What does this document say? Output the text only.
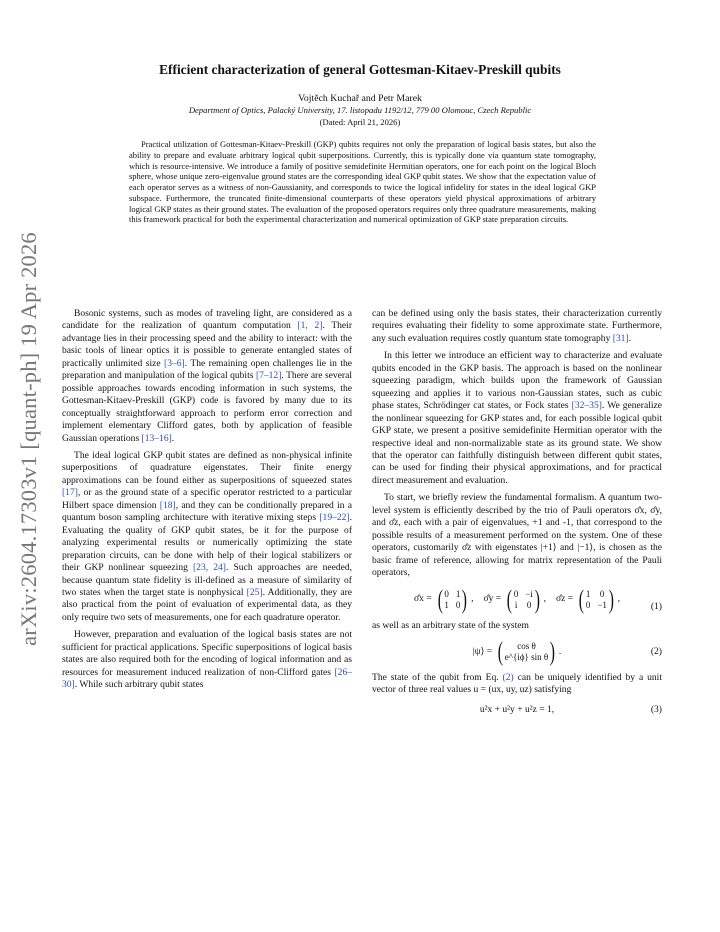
arXiv:2604.17303v1 [quant-ph] 19 Apr 2026
Efficient characterization of general Gottesman-Kitaev-Preskill qubits
Vojtěch Kuchař and Petr Marek
Department of Optics, Palacký University, 17. listopadu 1192/12, 779 00 Olomouc, Czech Republic
(Dated: April 21, 2026)
Practical utilization of Gottesman-Kitaev-Preskill (GKP) qubits requires not only the preparation of logical basis states, but also the ability to prepare and evaluate arbitrary logical qubit superpositions. Currently, this is typically done via quantum state tomography, which is resource-intensive. We introduce a family of positive semidefinite Hermitian operators, one for each point on the logical Bloch sphere, whose unique zero-eigenvalue ground states are the corresponding ideal GKP qubit states. We show that the expectation value of each operator serves as a witness of non-Gaussianity, and corresponds to twice the logical infidelity for states in the ideal logical GKP subspace. Furthermore, the truncated finite-dimensional counterparts of these operators yield physical approximations of arbitrary logical GKP states as their ground states. The evaluation of the proposed operators requires only three quadrature measurements, making this framework practical for both the experimental characterization and numerical optimization of GKP state preparation circuits.

Bosonic systems, such as modes of traveling light, are considered as a candidate for the realization of quantum computation [1, 2]. Their advantage lies in their processing speed and the ability to interact: with the basic tools of linear optics it is possible to generate entangled states of practically unlimited size [3–6]. The remaining open challenges lie in the preparation and manipulation of the logical qubits [7–12]. There are several possible approaches towards encoding information in such systems, the Gottesman-Kitaev-Preskill (GKP) code is favored by many due to its conceptually straightforward approach to perform error correction and implement elementary Clifford gates, both by application of feasible Gaussian operations [13–16].

The ideal logical GKP qubit states are defined as non-physical infinite superpositions of quadrature eigenstates. Their finite energy approximations can be found either as superpositions of squeezed states [17], or as the ground state of a specific operator restricted to a particular Hilbert space dimension [18], and they can be conditionally prepared in a quantum boson sampling architecture with iterative mixing steps [19–22]. Evaluating the quality of GKP qubit states, be it for the purpose of analyzing experimental results or numerically optimizing the state preparation circuits, can be done with help of their logical stabilizers or their GKP nonlinear squeezing [23, 24]. Such approaches are needed, because quantum state fidelity is ill-defined as a measure of similarity of two states when the target state is nonphysical [25]. Additionally, they are also practical from the point of evaluation of experimental data, as they only require two sets of measurements, one for each quadrature operator.

However, preparation and evaluation of the logical basis states are not sufficient for practical applications. Specific superpositions of logical basis states are also required both for the encoding of logical information and as resources for measurement induced realization of non-Clifford gates [26–30]. While such arbitrary qubit states

can be defined using only the basis states, their characterization currently requires evaluating their fidelity to some approximate state. Furthermore, any such evaluation requires costly quantum state tomography [31].

In this letter we introduce an efficient way to characterize and evaluate qubits encoded in the GKP basis. The approach is based on the nonlinear squeezing paradigm, which builds upon the framework of Gaussian squeezing and applies it to various non-Gaussian states, such as cubic phase states, Schrödinger cat states, or Fock states [32–35]. We generalize the nonlinear squeezing for GKP states and, for each possible logical qubit GKP state, we present a positive semidefinite Hermitian operator with the respective ideal and non-normalizable state as its ground state. We show that the operator can faithfully distinguish between different qubit states, can be used for finding their physical approximations, and for practical direct measurement and evaluation.

To start, we briefly review the fundamental formalism. A quantum two-level system is efficiently described by the trio of Pauli operators σ̂x, σ̂y, and σ̂z, each with a pair of eigenvalues, +1 and -1, that correspond to the possible results of a measurement performed on the system. One of these operators, customarily σ̂z with eigenstates |+1⟩ and |−1⟩, is chosen as the basic frame of reference, allowing for matrix representation of the Pauli operators,

σ̂x = ( 0 1
1 0 ) , σ̂y = ( 0 −i
i 0 ) , σ̂z = ( 1 0
0 −1 ) ,
(1)

as well as an arbitrary state of the system

|ψ⟩ = (	cos θ
e^{iϕ} sin θ ) .	(2)

The state of the qubit from Eq. (2) can be uniquely identified by a unit vector of three real values u = (ux, uy, uz) satisfying

u²x + u²y + u²z = 1,	(3)
